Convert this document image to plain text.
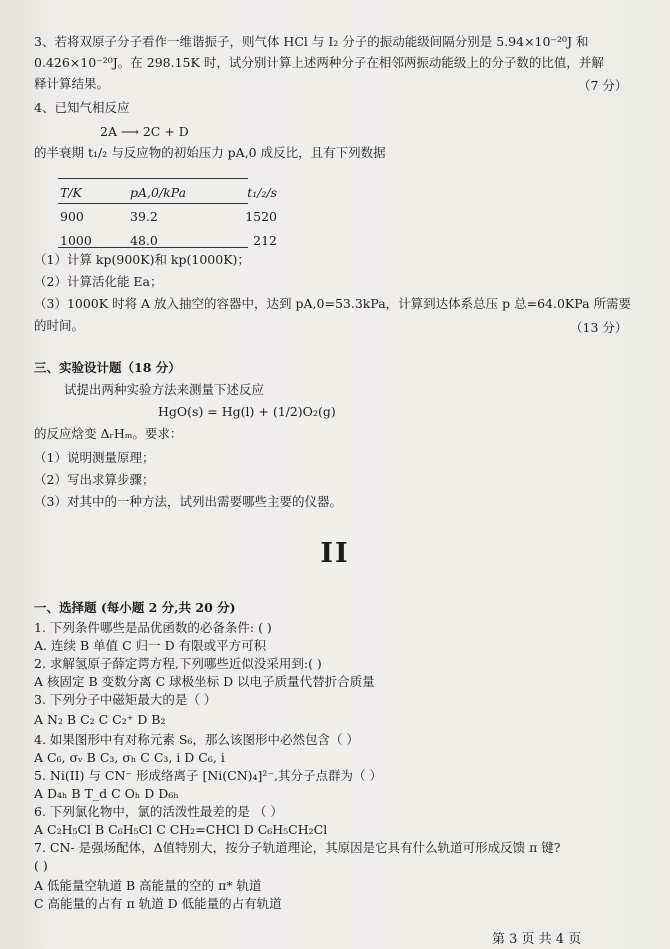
3、若将双原子分子看作一维谐振子，则气体 HCl 与 I₂ 分子的振动能级间隔分别是 5.94×10⁻²⁰J 和
0.426×10⁻²⁰J。在 298.15K 时，试分别计算上述两种分子在相邻两振动能级上的分子数的比值，并解
释计算结果。	（7 分）
4、已知气相反应
2A ⟶ 2C + D
的半衰期 t₁/₂ 与反应物的初始压力 pA,0 成反比，且有下列数据
T/K	pA,0/kPa	t₁/₂/s
900	39.2	1520
1000	48.0	212
（1）计算 kp(900K)和 kp(1000K)；
（2）计算活化能 Ea；
（3）1000K 时将 A 放入抽空的容器中，达到 pA,0=53.3kPa，计算到达体系总压 p 总=64.0KPa 所需要
的时间。	（13 分）
三、实验设计题（18 分）
试提出两种实验方法来测量下述反应
HgO(s) = Hg(l) + (1/2)O₂(g)
的反应焓变 ΔᵣHₘ。要求：
（1）说明测量原理；
（2）写出求算步骤；
（3）对其中的一种方法，试列出需要哪些主要的仪器。
II
一、选择题 (每小题 2 分,共 20 分)
1. 下列条件哪些是品优函数的必备条件: ( )
A. 连续 B 单值 C 归一 D 有限或平方可积
2. 求解氢原子薛定谔方程,下列哪些近似没采用到:( )
A 核固定 B 变数分离 C 球极坐标 D 以电子质量代替折合质量
3. 下列分子中磁矩最大的是（ ）
A N₂ B C₂ C C₂⁺ D B₂
4. 如果图形中有对称元素 S₆，那么该图形中必然包含（ ）
A C₆, σᵥ B C₃, σₕ C C₃, i D C₆, i
5. Ni(II) 与 CN⁻ 形成络离子 [Ni(CN)₄]²⁻,其分子点群为（ ）
A D₄ₕ B T_d C Oₕ D D₆ₕ
6. 下列氯化物中，氯的活泼性最差的是 （ ）
A C₂H₅Cl B C₆H₅Cl C CH₂=CHCl D C₆H₅CH₂Cl
7. CN- 是强场配体，Δ值特别大，按分子轨道理论，其原因是它具有什么轨道可形成反馈 π 键?
( )
A 低能量空轨道 B 高能量的空的 π* 轨道
C 高能量的占有 π 轨道 D 低能量的占有轨道
第 3 页 共 4 页
